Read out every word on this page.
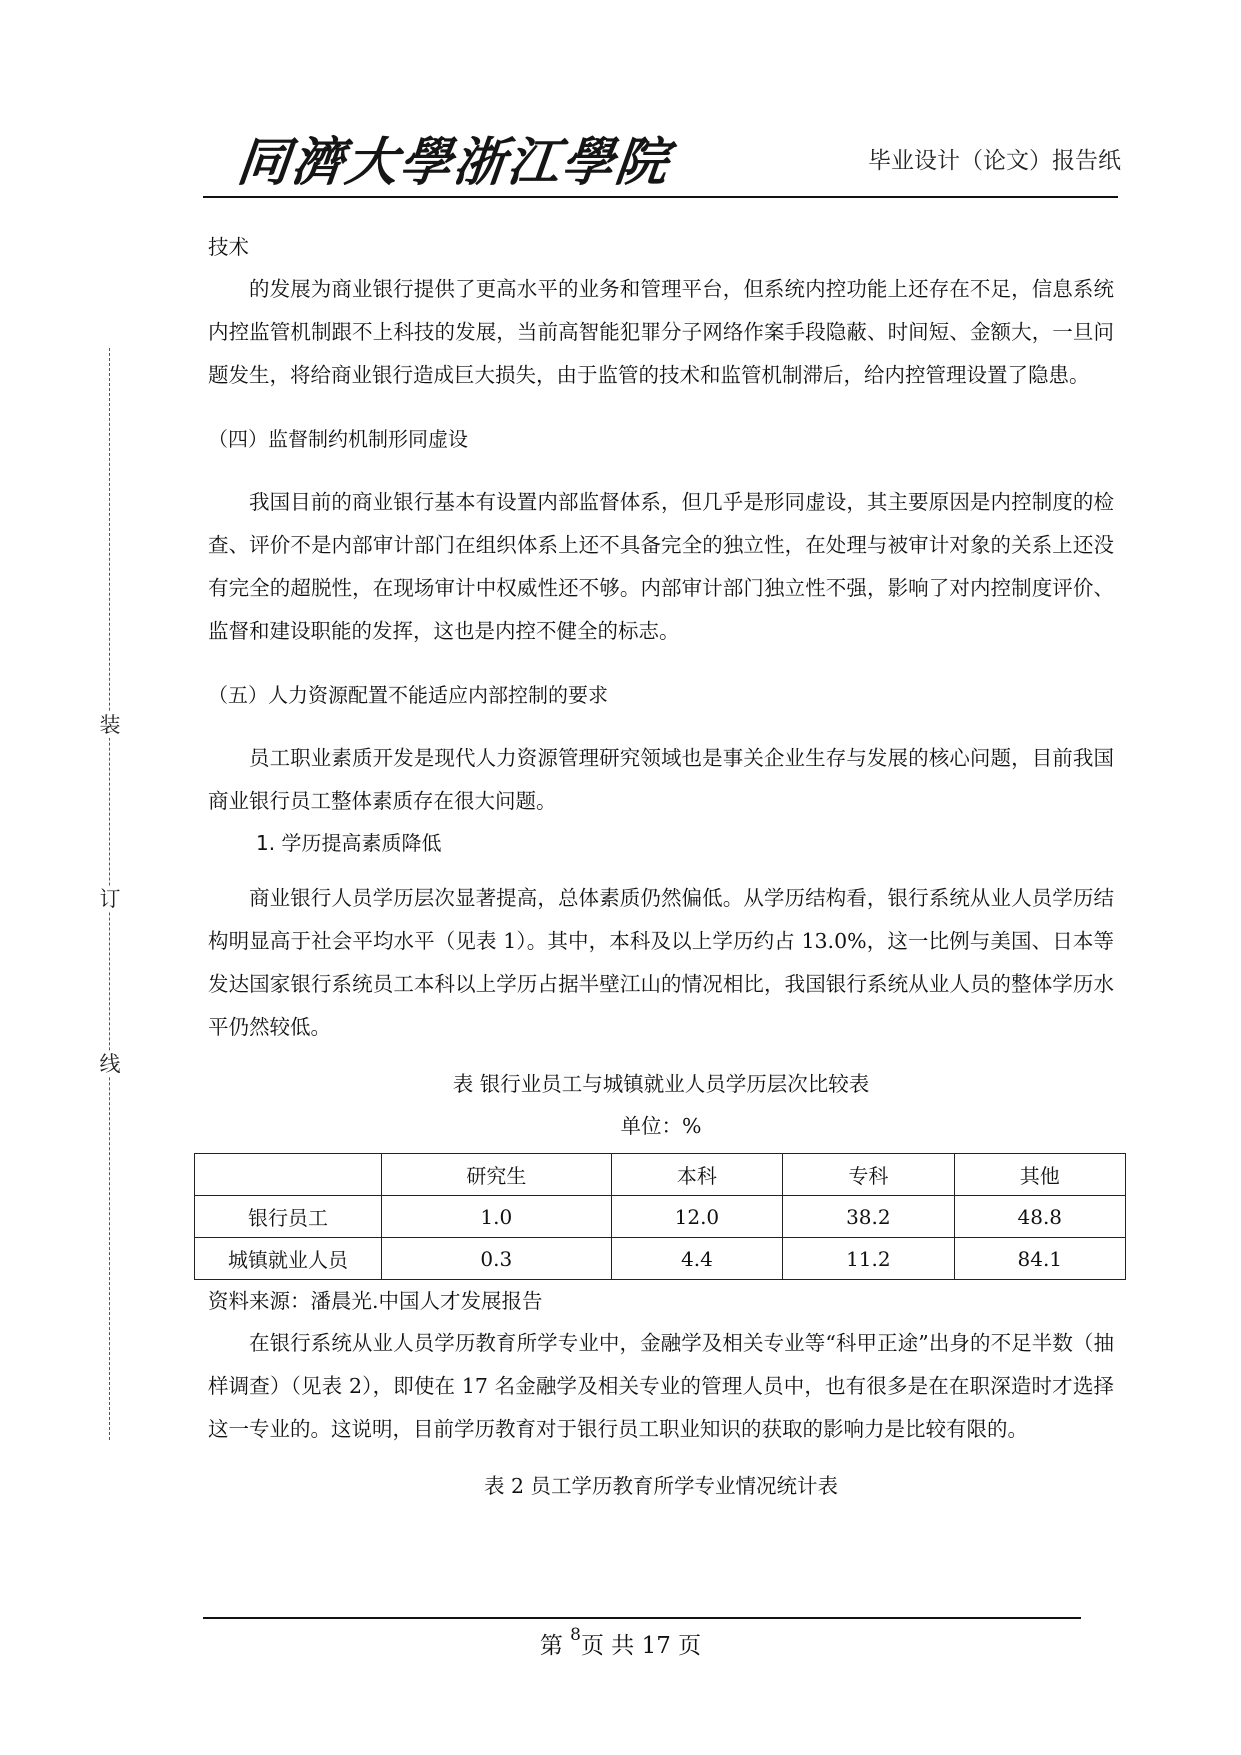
同濟大學浙江學院	毕业设计（论文）报告纸
装
订
线

技术

的发展为商业银行提供了更高水平的业务和管理平台，但系统内控功能上还存在不足，信息系统内控监管机制跟不上科技的发展，当前高智能犯罪分子网络作案手段隐蔽、时间短、金额大，一旦问题发生，将给商业银行造成巨大损失，由于监管的技术和监管机制滞后，给内控管理设置了隐患。

（四）监督制约机制形同虚设

我国目前的商业银行基本有设置内部监督体系，但几乎是形同虚设，其主要原因是内控制度的检查、评价不是内部审计部门在组织体系上还不具备完全的独立性，在处理与被审计对象的关系上还没有完全的超脱性，在现场审计中权威性还不够。内部审计部门独立性不强，影响了对内控制度评价、监督和建设职能的发挥，这也是内控不健全的标志。

（五）人力资源配置不能适应内部控制的要求

员工职业素质开发是现代人力资源管理研究领域也是事关企业生存与发展的核心问题，目前我国商业银行员工整体素质存在很大问题。

1. 学历提高素质降低

商业银行人员学历层次显著提高，总体素质仍然偏低。从学历结构看，银行系统从业人员学历结构明显高于社会平均水平（见表 1）。其中，本科及以上学历约占 13.0%，这一比例与美国、日本等发达国家银行系统员工本科以上学历占据半壁江山的情况相比，我国银行系统从业人员的整体学历水平仍然较低。

表 银行业员工与城镇就业人员学历层次比较表

单位：%

	研究生	本科	专科	其他
银行员工	1.0	12.0	38.2	48.8
城镇就业人员	0.3	4.4	11.2	84.1

资料来源：潘晨光.中国人才发展报告

在银行系统从业人员学历教育所学专业中，金融学及相关专业等“科甲正途”出身的不足半数（抽样调查）（见表 2），即使在 17 名金融学及相关专业的管理人员中，也有很多是在在职深造时才选择这一专业的。这说明，目前学历教育对于银行员工职业知识的获取的影响力是比较有限的。

表 2 员工学历教育所学专业情况统计表

第 $^8$页 共 17 页
